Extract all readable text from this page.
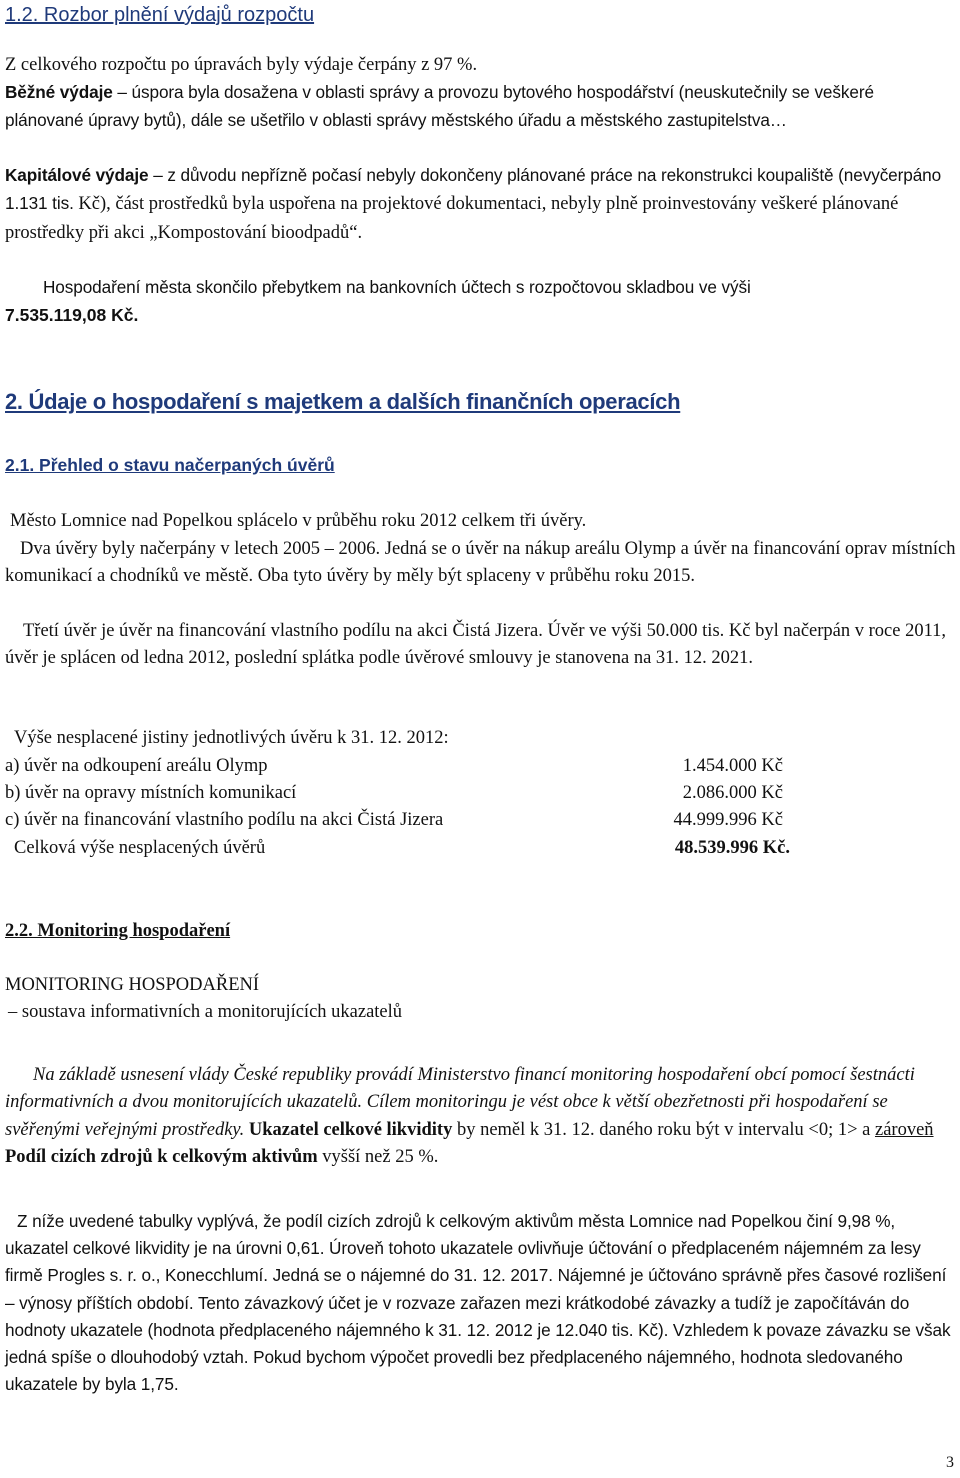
1.2. Rozbor plnění výdajů rozpočtu
Z celkového rozpočtu po úpravách byly výdaje čerpány z 97 %.
Běžné výdaje – úspora byla dosažena v oblasti správy a provozu bytového hospodářství (neuskutečnily se veškeré plánované úpravy bytů), dále se ušetřilo v oblasti správy městského úřadu a městského zastupitelstva…
Kapitálové výdaje – z důvodu nepřízně počasí nebyly dokončeny plánované práce na rekonstrukci koupaliště (nevyčerpáno 1.131 tis. Kč), část prostředků byla uspořena na projektové dokumentaci, nebyly plně proinvestovány veškeré plánované prostředky při akci „Kompostování bioodpadů“.
Hospodaření města skončilo přebytkem na bankovních účtech s rozpočtovou skladbou ve výši
7.535.119,08 Kč.
2. Údaje o hospodaření s majetkem a dalších finančních operacích
2.1. Přehled o stavu načerpaných úvěrů
Město Lomnice nad Popelkou splácelo v průběhu roku 2012 celkem tři úvěry.
Dva úvěry byly načerpány v letech 2005 – 2006. Jedná se o úvěr na nákup areálu Olymp a úvěr na financování oprav místních komunikací a chodníků ve městě. Oba tyto úvěry by měly být splaceny v průběhu roku 2015.
Třetí úvěr je úvěr na financování vlastního podílu na akci Čistá Jizera. Úvěr ve výši 50.000 tis. Kč byl načerpán v roce 2011, úvěr je splácen od ledna 2012, poslední splátka podle úvěrové smlouvy je stanovena na 31. 12. 2021.
Výše nesplacené jistiny jednotlivých úvěru k 31. 12. 2012:
a) úvěr na odkoupení areálu Olymp	1.454.000 Kč
b) úvěr na opravy místních komunikací	2.086.000 Kč
c) úvěr na financování vlastního podílu na akci Čistá Jizera	44.999.996 Kč
Celková výše nesplacených úvěrů	48.539.996 Kč.
2.2. Monitoring hospodaření
MONITORING HOSPODAŘENÍ
– soustava informativních a monitorujících ukazatelů
Na základě usnesení vlády České republiky provádí Ministerstvo financí monitoring hospodaření obcí pomocí šestnácti informativních a dvou monitorujících ukazatelů. Cílem monitoringu je vést obce k větší obezřetnosti při hospodaření se svěřenými veřejnými prostředky. Ukazatel celkové likvidity by neměl k 31. 12. daného roku být v intervalu <0; 1> a zároveň Podíl cizích zdrojů k celkovým aktivům vyšší než 25 %.
Z níže uvedené tabulky vyplývá, že podíl cizích zdrojů k celkovým aktivům města Lomnice nad Popelkou činí 9,98 %, ukazatel celkové likvidity je na úrovni 0,61. Úroveň tohoto ukazatele ovlivňuje účtování o předplaceném nájemném za lesy firmě Progles s. r. o., Konecchlumí. Jedná se o nájemné do 31. 12. 2017. Nájemné je účtováno správně přes časové rozlišení – výnosy příštích období. Tento závazkový účet je v rozvaze zařazen mezi krátkodobé závazky a tudíž je započítáván do hodnoty ukazatele (hodnota předplaceného nájemného k 31. 12. 2012 je 12.040 tis. Kč). Vzhledem k povaze závazku se však jedná spíše o dlouhodobý vztah. Pokud bychom výpočet provedli bez předplaceného nájemného, hodnota sledovaného ukazatele by byla 1,75.
3
